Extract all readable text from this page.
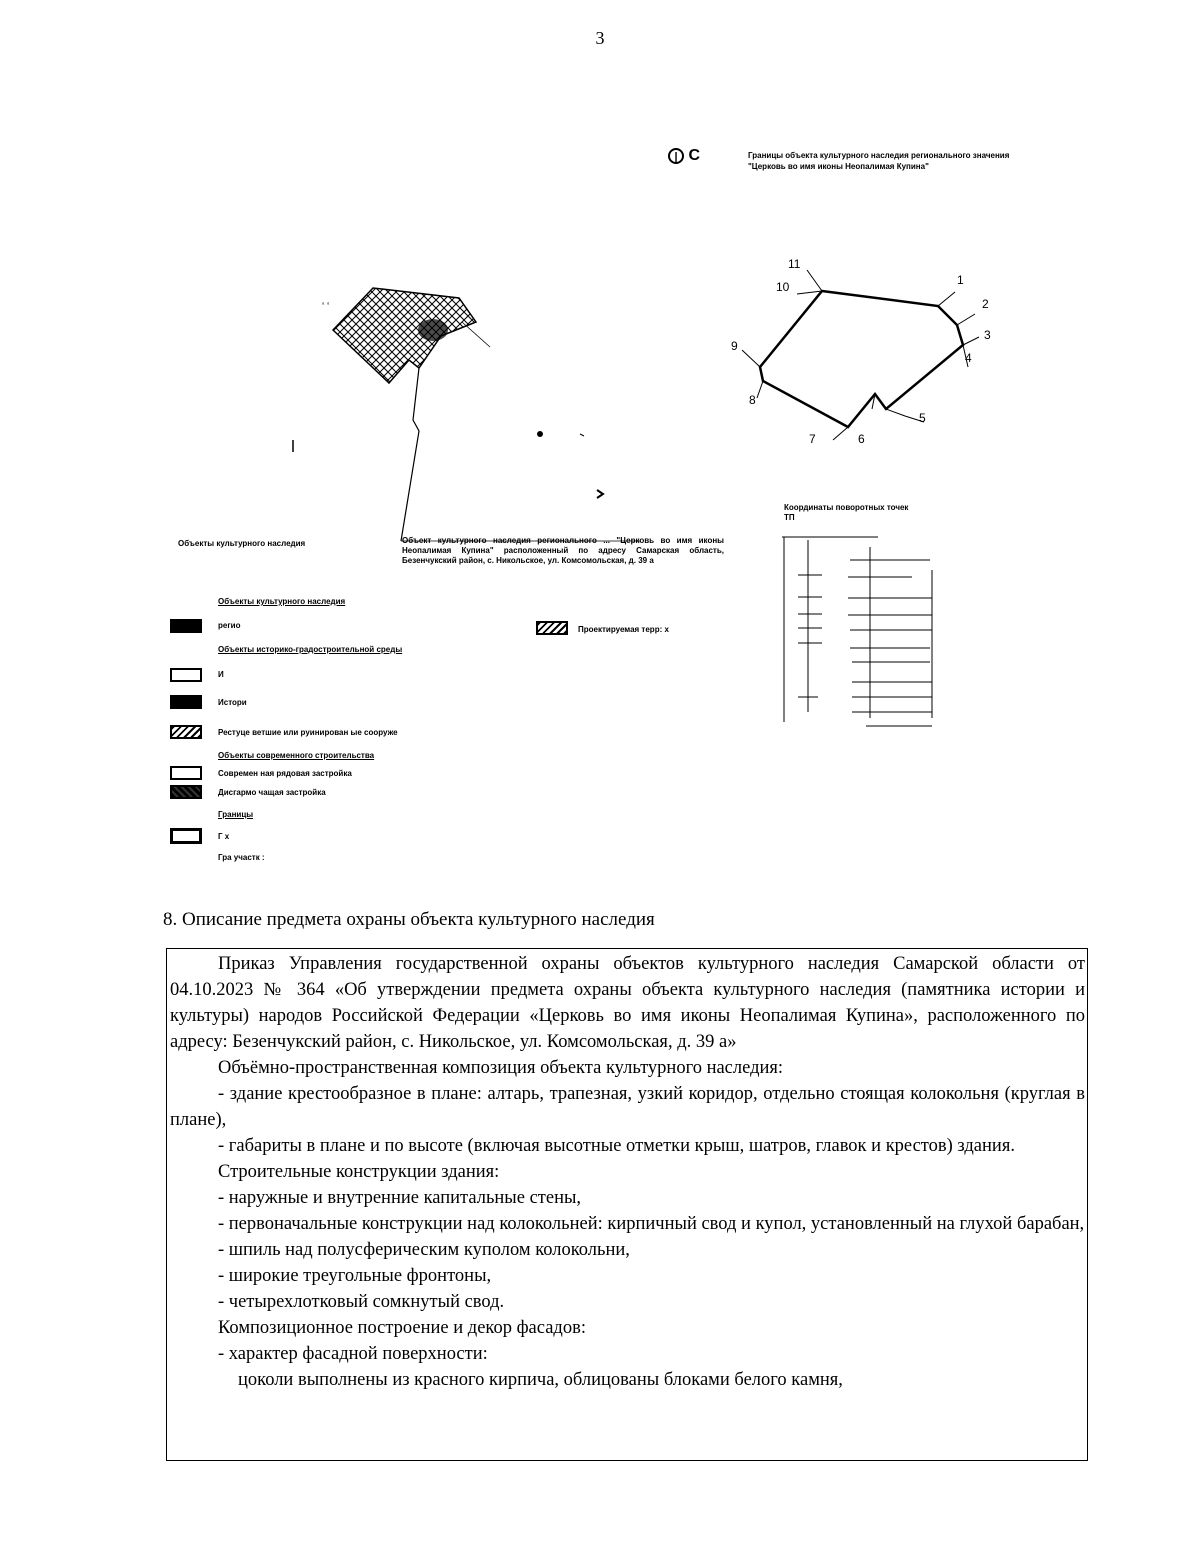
3
| С	Границы объекта культурного наследия регионального значения
"Церковь во имя иконы Неопалимая Купина"
‘ ‘
1
2
3
4
5
6
7
8
9
10
11
Координаты поворотных точек ТП
Объекты культурного наследия	Объект культурного наследия регионального ... "Церковь во имя иконы Неопалимая Купина" расположенный по адресу Самарская область, Безенчукский район, с. Никольское, ул. Комсомольская, д. 39 а
Объекты культурного наследия
регио	Проектируемая терр: х
Объекты историко-градостроительной среды
И
Истори
Рестуце ветшие или руинирован ые сооруже
Объекты современного строительства
Современ ная рядовая застройка
Дисгармо чащая застройка
Границы
Г х
Гра участк :
8. Описание предмета охраны объекта культурного наследия

Приказ Управления государственной охраны объектов культурного наследия Самарской области от 04.10.2023 № 364 «Об утверждении предмета охраны объекта культурного наследия (памятника истории и культуры) народов Российской Федерации «Церковь во имя иконы Неопалимая Купина», расположенного по адресу: Безенчукский район, с. Никольское, ул. Комсомольская, д. 39 а»

Объёмно-пространственная композиция объекта культурного наследия:

- здание крестообразное в плане: алтарь, трапезная, узкий коридор, отдельно стоящая колокольня (круглая в плане),

- габариты в плане и по высоте (включая высотные отметки крыш, шатров, главок и крестов) здания.

Строительные конструкции здания:

- наружные и внутренние капитальные стены,

- первоначальные конструкции над колокольней: кирпичный свод и купол, установленный на глухой барабан,

- шпиль над полусферическим куполом колокольни,

- широкие треугольные фронтоны,

- четырехлотковый сомкнутый свод.

Композиционное построение и декор фасадов:

- характер фасадной поверхности:

цоколи выполнены из красного кирпича, облицованы блоками белого камня,
